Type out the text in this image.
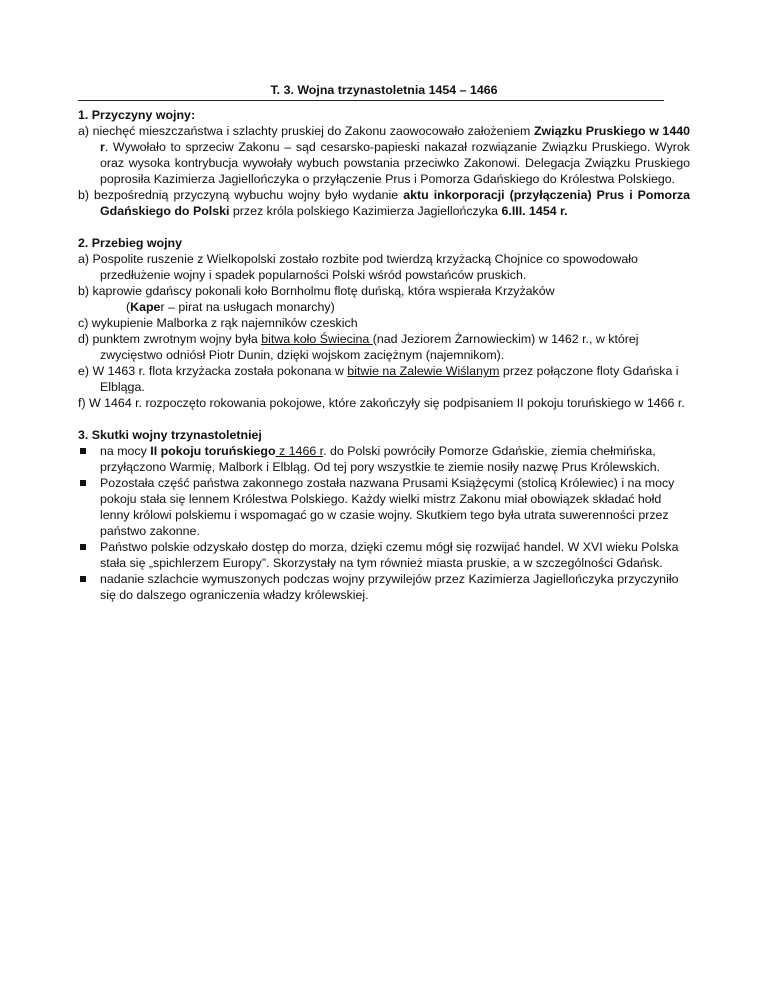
T. 3. Wojna trzynastoletnia 1454 – 1466

1. Przyczyny wojny:

a) niechęć mieszczaństwa i szlachty pruskiej do Zakonu zaowocowało założeniem Związku Pruskiego w 1440 r. Wywołało to sprzeciw Zakonu – sąd cesarsko-papieski nakazał rozwiązanie Związku Pruskiego. Wyrok oraz wysoka kontrybucja wywołały wybuch powstania przeciwko Zakonowi. Delegacja Związku Pruskiego poprosiła Kazimierza Jagiellończyka o przyłączenie Prus i Pomorza Gdańskiego do Królestwa Polskiego.

b) bezpośrednią przyczyną wybuchu wojny było wydanie aktu inkorporacji (przyłączenia) Prus i Pomorza Gdańskiego do Polski przez króla polskiego Kazimierza Jagiellończyka 6.III. 1454 r.

2. Przebieg wojny

a) Pospolite ruszenie z Wielkopolski zostało rozbite pod twierdzą krzyżacką Chojnice co spowodowało przedłużenie wojny i spadek popularności Polski wśród powstańców pruskich.

b) kaprowie gdańscy pokonali koło Bornholmu flotę duńską, która wspierała Krzyżaków

(Kaper – pirat na usługach monarchy)

c) wykupienie Malborka z rąk najemników czeskich

d) punktem zwrotnym wojny była bitwa koło Świecina (nad Jeziorem Żarnowieckim) w 1462 r., w której zwycięstwo odniósł Piotr Dunin, dzięki wojskom zaciężnym (najemnikom).

e) W 1463 r. flota krzyżacka została pokonana w bitwie na Zalewie Wiślanym przez połączone floty Gdańska i Elbląga.

f) W 1464 r. rozpoczęto rokowania pokojowe, które zakończyły się podpisaniem II pokoju toruńskiego w 1466 r.

3. Skutki wojny trzynastoletniej

na mocy II pokoju toruńskiego z 1466 r. do Polski powróciły Pomorze Gdańskie, ziemia chełmińska, przyłączono Warmię, Malbork i Elbląg. Od tej pory wszystkie te ziemie nosiły nazwę Prus Królewskich.
Pozostała część państwa zakonnego została nazwana Prusami Książęcymi (stolicą Królewiec) i na mocy pokoju stała się lennem Królestwa Polskiego. Każdy wielki mistrz Zakonu miał obowiązek składać hołd lenny królowi polskiemu i wspomagać go w czasie wojny. Skutkiem tego była utrata suwerenności przez państwo zakonne.
Państwo polskie odzyskało dostęp do morza, dzięki czemu mógł się rozwijać handel. W XVI wieku Polska stała się „spichlerzem Europy”. Skorzystały na tym również miasta pruskie, a w szczególności Gdańsk.
nadanie szlachcie wymuszonych podczas wojny przywilejów przez Kazimierza Jagiellończyka przyczyniło się do dalszego ograniczenia władzy królewskiej.
